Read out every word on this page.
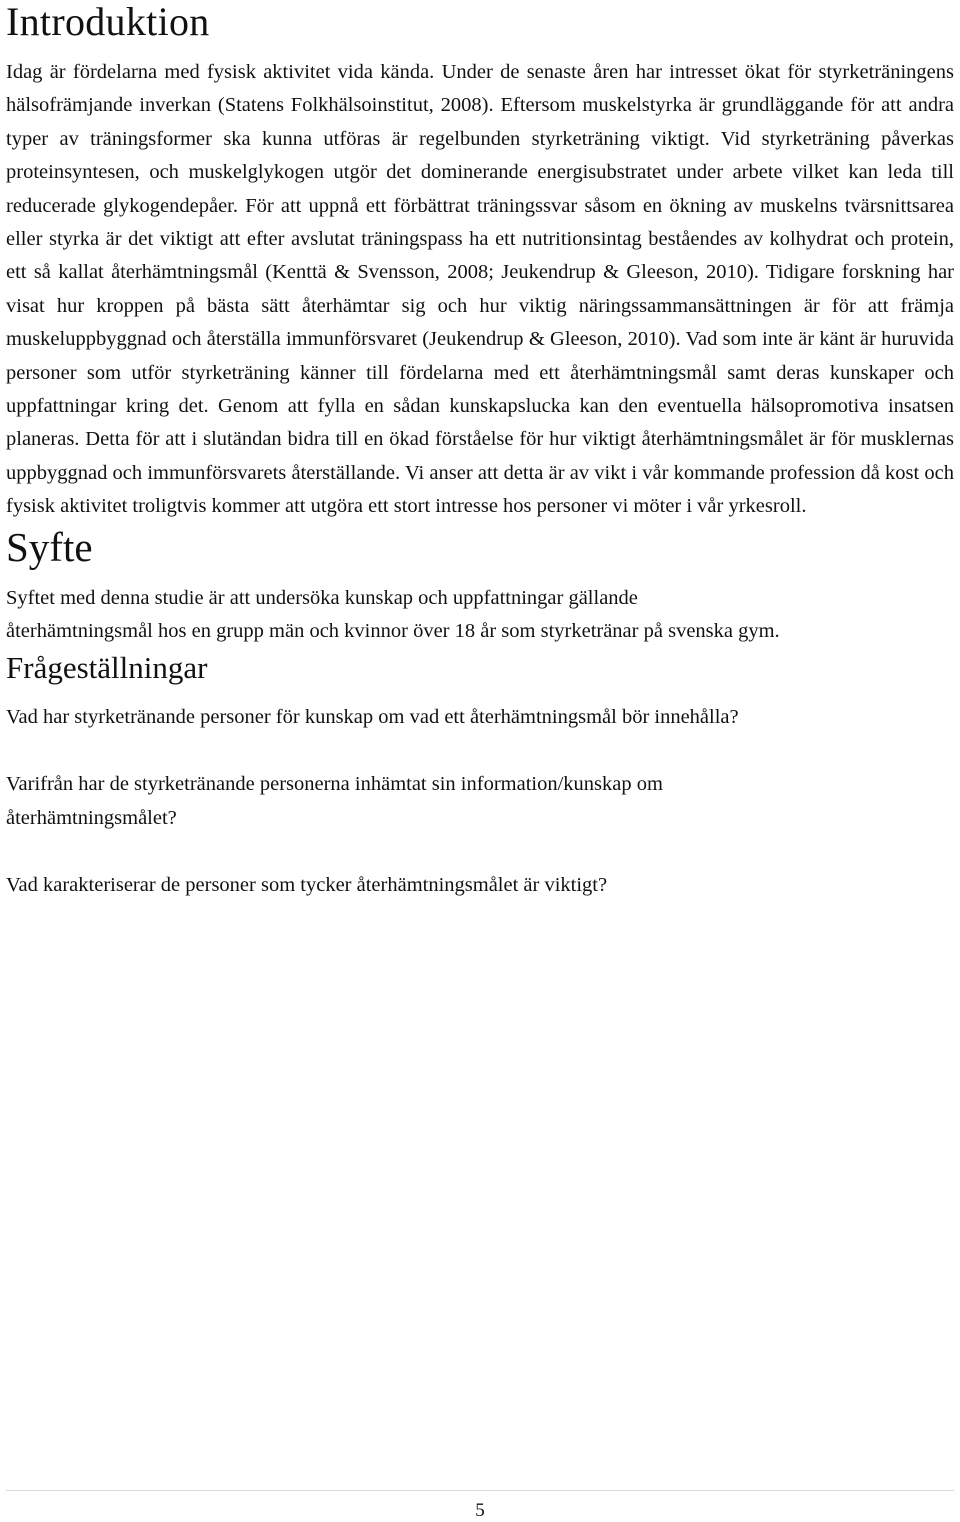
Introduktion

Idag är fördelarna med fysisk aktivitet vida kända. Under de senaste åren har intresset ökat för styrketräningens hälsofrämjande inverkan (Statens Folkhälsoinstitut, 2008). Eftersom muskelstyrka är grundläggande för att andra typer av träningsformer ska kunna utföras är regelbunden styrketräning viktigt. Vid styrketräning påverkas proteinsyntesen, och muskelglykogen utgör det dominerande energisubstratet under arbete vilket kan leda till reducerade glykogendepåer. För att uppnå ett förbättrat träningssvar såsom en ökning av muskelns tvärsnittsarea eller styrka är det viktigt att efter avslutat träningspass ha ett nutritionsintag beståendes av kolhydrat och protein, ett så kallat återhämtningsmål (Kenttä & Svensson, 2008; Jeukendrup & Gleeson, 2010). Tidigare forskning har visat hur kroppen på bästa sätt återhämtar sig och hur viktig näringssammansättningen är för att främja muskeluppbyggnad och återställa immunförsvaret (Jeukendrup & Gleeson, 2010). Vad som inte är känt är huruvida personer som utför styrketräning känner till fördelarna med ett återhämtningsmål samt deras kunskaper och uppfattningar kring det. Genom att fylla en sådan kunskapslucka kan den eventuella hälsopromotiva insatsen planeras. Detta för att i slutändan bidra till en ökad förståelse för hur viktigt återhämtningsmålet är för musklernas uppbyggnad och immunförsvarets återställande. Vi anser att detta är av vikt i vår kommande profession då kost och fysisk aktivitet troligtvis kommer att utgöra ett stort intresse hos personer vi möter i vår yrkesroll.

Syfte

Syftet med denna studie är att undersöka kunskap och uppfattningar gällande
återhämtningsmål hos en grupp män och kvinnor över 18 år som styrketränar på svenska gym.

Frågeställningar

Vad har styrketränande personer för kunskap om vad ett återhämtningsmål bör innehålla?

Varifrån har de styrketränande personerna inhämtat sin information/kunskap om
återhämtningsmålet?

Vad karakteriserar de personer som tycker återhämtningsmålet är viktigt?

5
